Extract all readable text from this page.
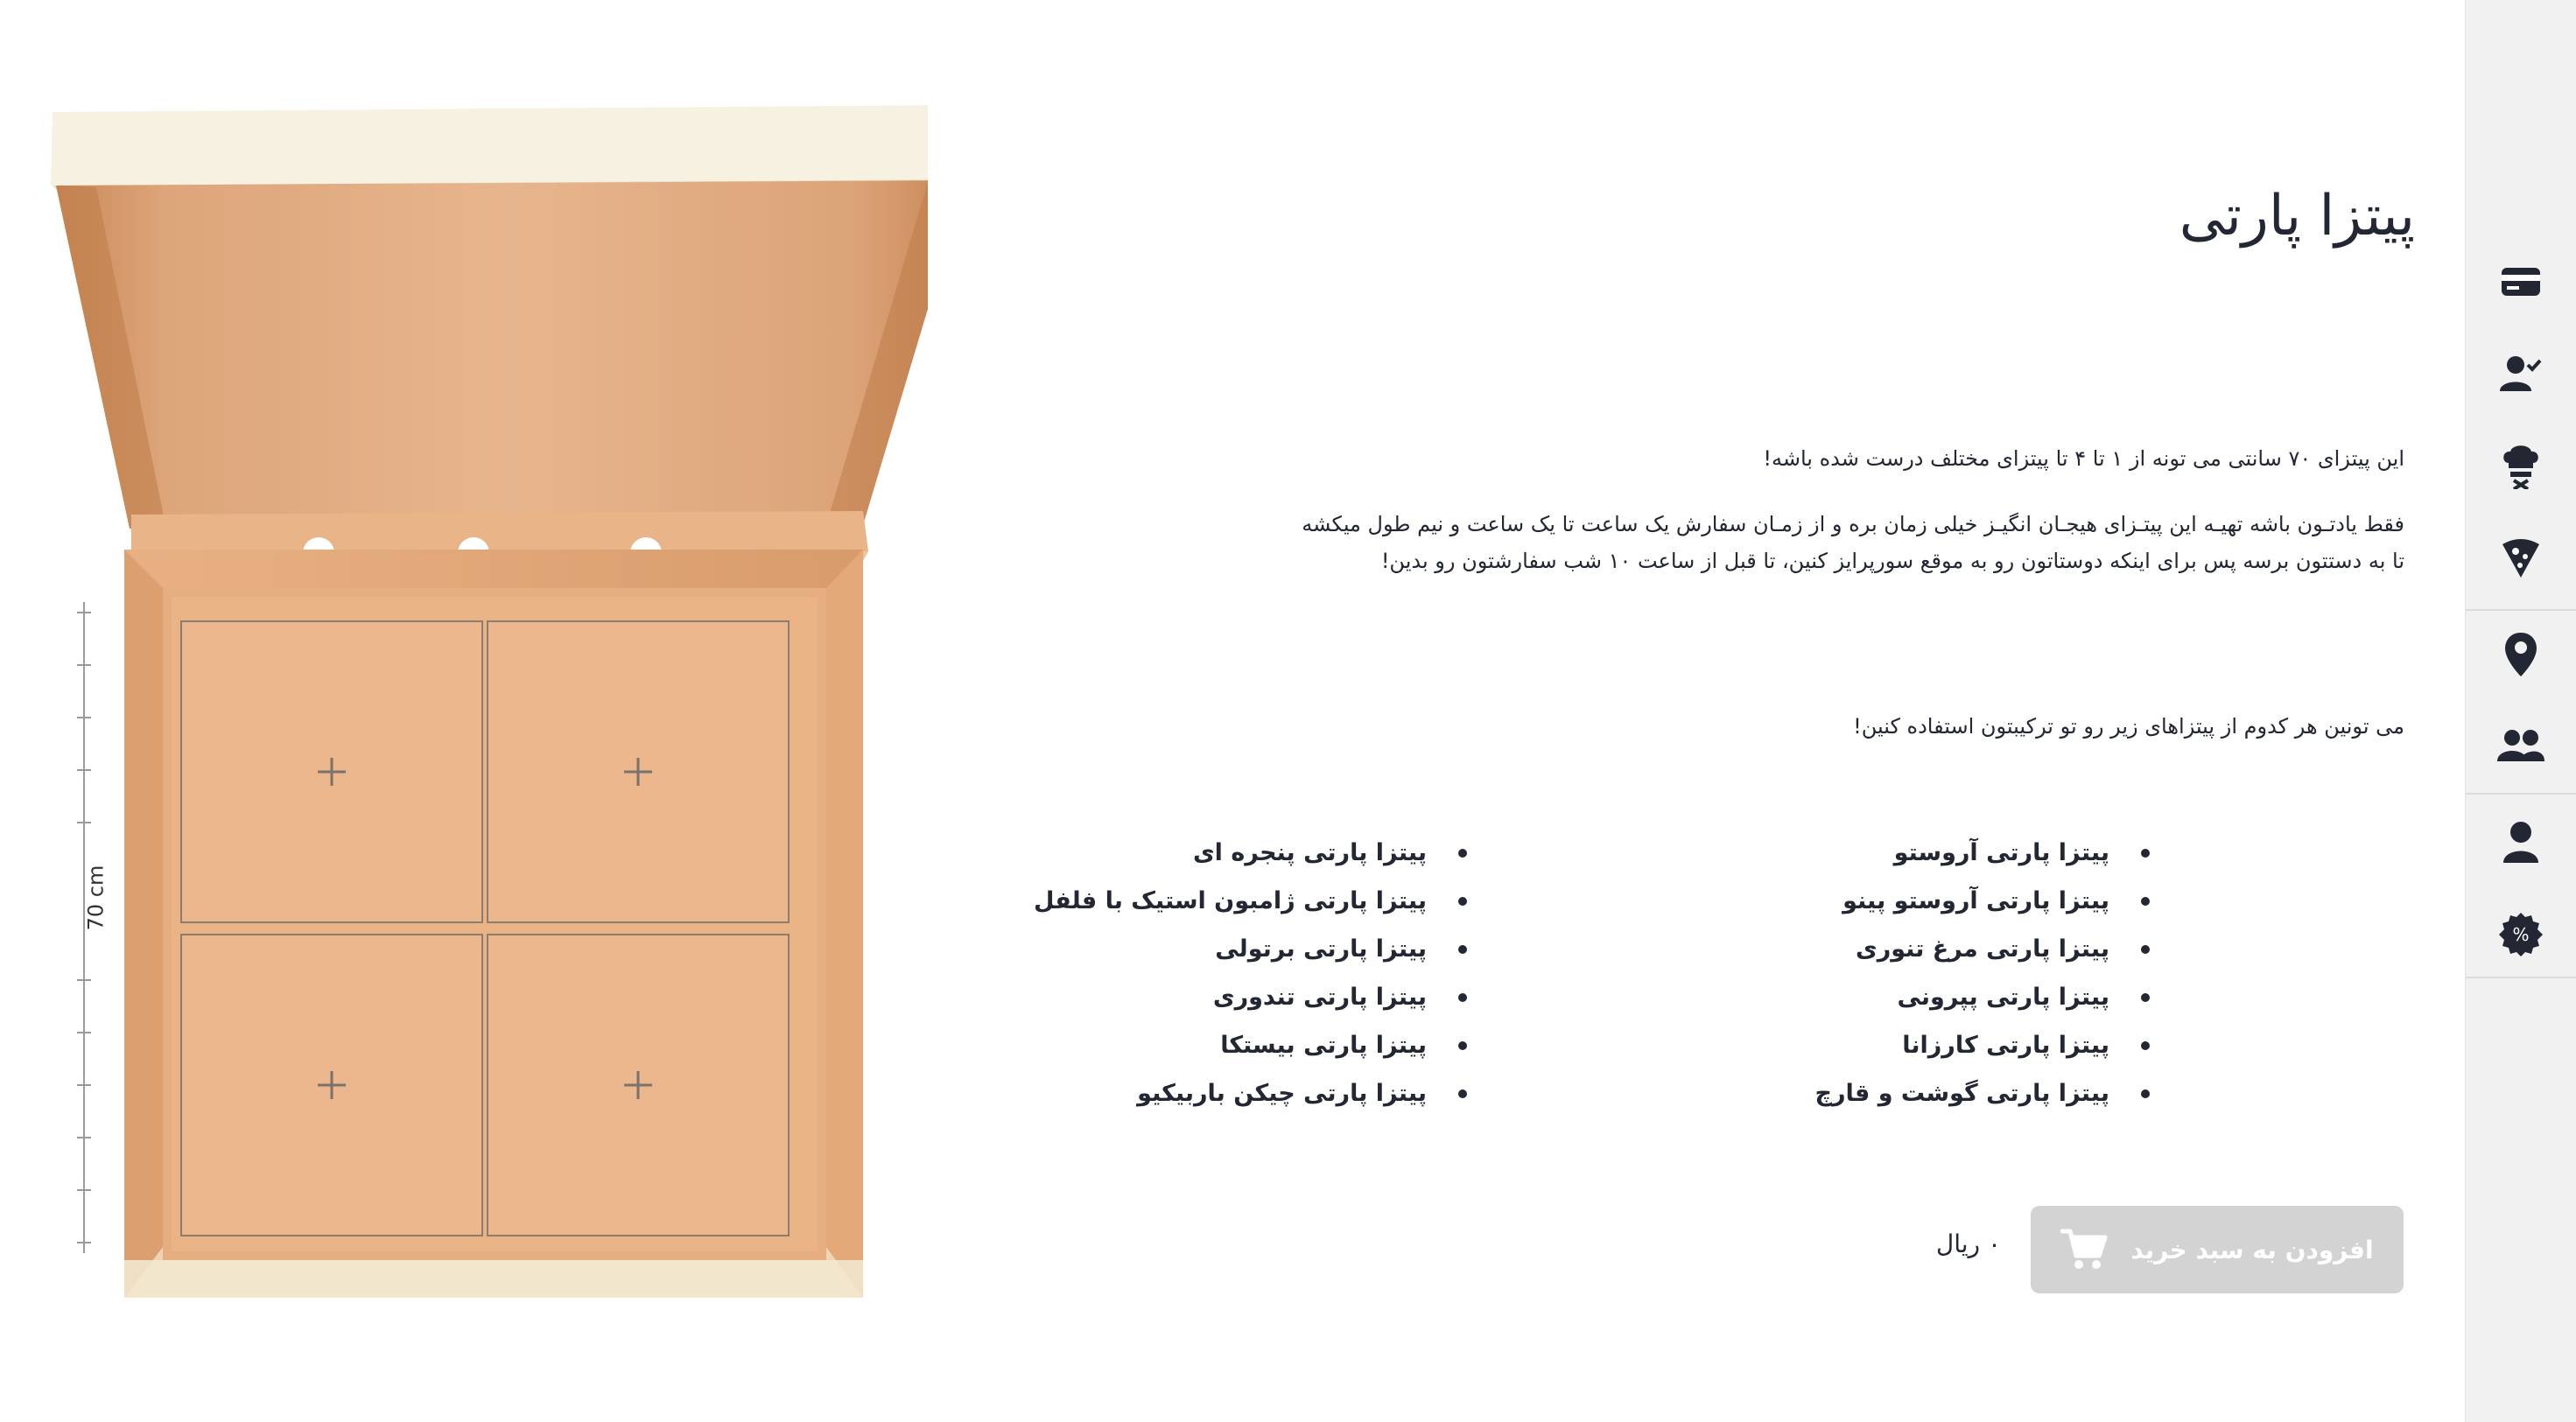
70 cm
پیتزا پارتی

این پیتزای ۷۰ سانتی می تونه از ۱ تا ۴ تا پیتزای مختلف درست شده باشه!

فقط یادتـون باشه تهیـه این پیتـزای هیجـان انگیـز خیلی زمان بره و از زمـان سفارش یک ساعت تا یک ساعت و نیم طول میکشه تا به دستتون برسه پس برای اینکه دوستاتون رو به موقع سورپرایز کنین، تا قبل از ساعت ۱۰ شب سفارشتون رو بدین!

می تونین هر کدوم از پیتزاهای زیر رو تو ترکیبتون استفاده کنین!

پیتزا پارتی آروستو
پیتزا پارتی آروستو پینو
پیتزا پارتی مرغ تنوری
پیتزا پارتی پپرونی
پیتزا پارتی کارزانا
پیتزا پارتی گوشت و قارچ
پیتزا پارتی پنجره ای
پیتزا پارتی ژامبون استیک با فلفل
پیتزا پارتی برتولی
پیتزا پارتی تندوری
پیتزا پارتی بیستکا
پیتزا پارتی چیکن باربیکیو
افزودن به سبد خرید
۰ ریال
%
